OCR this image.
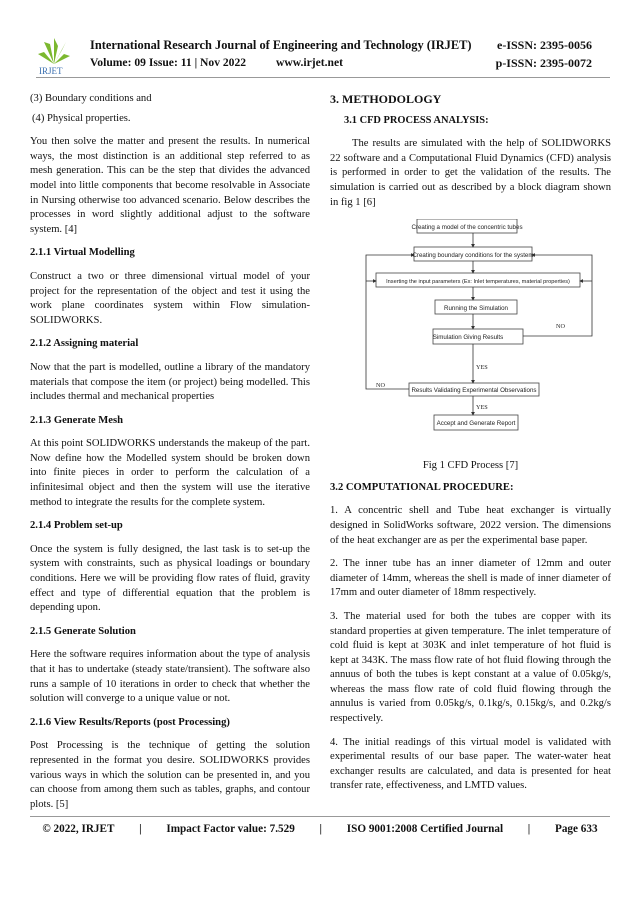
IRJET
International Research Journal of Engineering and Technology (IRJET) e-ISSN: 2395-0056
Volume: 09 Issue: 11 | Nov 2022	www.irjet.net	p-ISSN: 2395-0072

(3) Boundary conditions and

(4) Physical properties.

You then solve the matter and present the results. In numerical ways, the most distinction is an additional step referred to as mesh generation. This can be the step that divides the advanced model into little components that become resolvable in Associate in Nursing otherwise too advanced scenario. Below describes the processes in word slightly additional adjust to the software system. [4]

2.1.1 Virtual Modelling

Construct a two or three dimensional virtual model of your project for the representation of the object and test it using the work plane coordinates system within Flow simulation-SOLIDWORKS.

2.1.2 Assigning material

Now that the part is modelled, outline a library of the mandatory materials that compose the item (or project) being modelled. This includes thermal and mechanical properties

2.1.3 Generate Mesh

At this point SOLIDWORKS understands the makeup of the part. Now define how the Modelled system should be broken down into finite pieces in order to perform the calculation of a infinitesimal object and then the system will use the iterative method to integrate the results for the complete system.

2.1.4 Problem set-up

Once the system is fully designed, the last task is to set-up the system with constraints, such as physical loadings or boundary conditions. Here we will be providing flow rates of fluid, gravity effect and type of differential equation that the problem is depending upon.

2.1.5 Generate Solution

Here the software requires information about the type of analysis that it has to undertake (steady state/transient). The software also runs a sample of 10 iterations in order to check that whether the solution will converge to a unique value or not.

2.1.6 View Results/Reports (post Processing)

Post Processing is the technique of getting the solution represented in the format you desire. SOLIDWORKS provides various ways in which the solution can be presented in, and you can choose from among them such as tables, graphs, and contour plots. [5]

3. METHODOLOGY
3.1 CFD PROCESS ANALYSIS:

The results are simulated with the help of SOLIDWORKS 22 software and a Computational Fluid Dynamics (CFD) analysis is performed in order to get the validation of the results. The simulation is carried out as described by a block diagram shown in fig 1 [6]

Creating a model of the concentric tubes
Creating boundary conditions for the system
Inserting the input parameters (Ex: Inlet temperatures, material properties)
Running the Simulation
Simulation Giving Results
Results Validating Experimental Observations
Accept and Generate Report
YES
YES
NO
NO
Fig 1 CFD Process [7]
3.2 COMPUTATIONAL PROCEDURE:

1. A concentric shell and Tube heat exchanger is virtually designed in SolidWorks software, 2022 version. The dimensions of the heat exchanger are as per the experimental base paper.

2. The inner tube has an inner diameter of 12mm and outer diameter of 14mm, whereas the shell is made of inner diameter of 17mm and outer diameter of 18mm respectively.

3. The material used for both the tubes are copper with its standard properties at given temperature. The inlet temperature of cold fluid is kept at 303K and inlet temperature of hot fluid is kept at 343K. The mass flow rate of hot fluid flowing through the annuus of both the tubes is kept constant at a value of 0.05kg/s, whereas the mass flow rate of cold fluid flowing through the annulus is varied from 0.05kg/s, 0.1kg/s, 0.15kg/s, and 0.2kg/s respectively.

4. The initial readings of this virtual model is validated with experimental results of our base paper. The water-water heat exchanger results are calculated, and data is presented for heat transfer rate, effectiveness, and LMTD values.

© 2022, IRJET | Impact Factor value: 7.529 | ISO 9001:2008 Certified Journal | Page 633
